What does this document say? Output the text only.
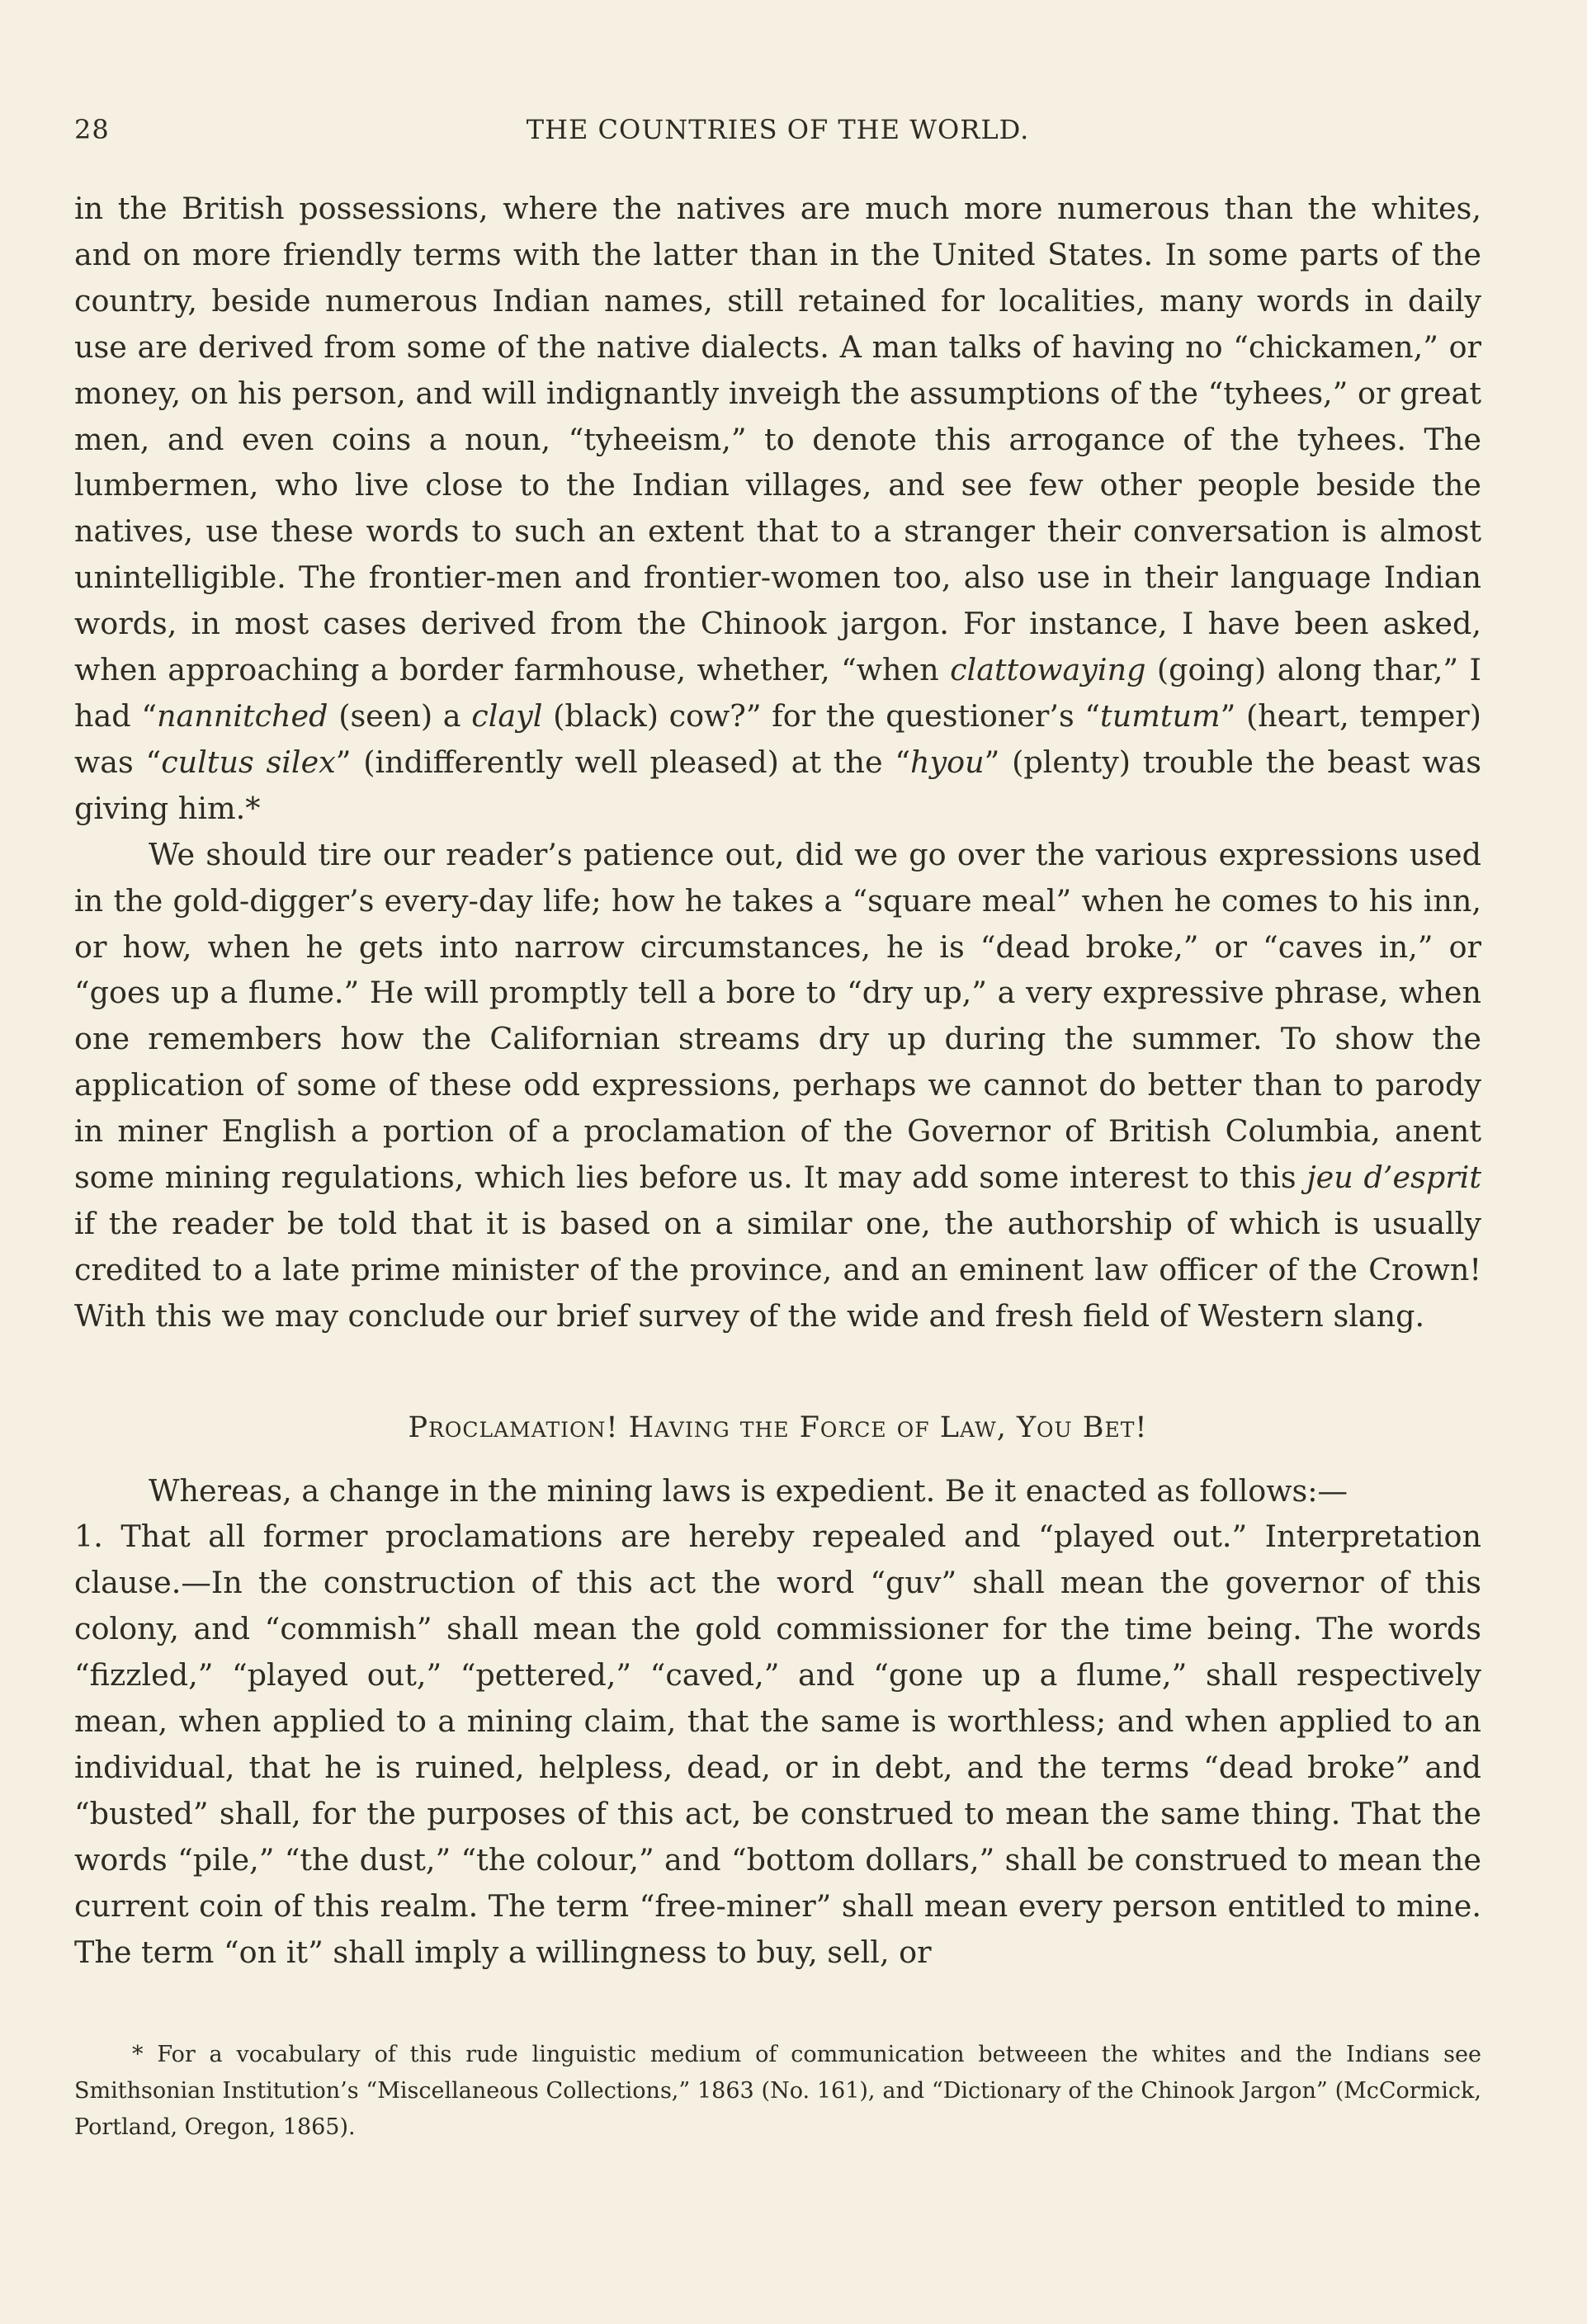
28	THE COUNTRIES OF THE WORLD.

in the British possessions, where the natives are much more numerous than the whites, and on more friendly terms with the latter than in the United States. In some parts of the country, beside numerous Indian names, still retained for localities, many words in daily use are derived from some of the native dialects. A man talks of having no “chickamen,” or money, on his person, and will indignantly inveigh the assumptions of the “tyhees,” or great men, and even coins a noun, “tyheeism,” to denote this arrogance of the tyhees. The lumbermen, who live close to the Indian villages, and see few other people beside the natives, use these words to such an extent that to a stranger their conversation is almost unintelligible. The frontier-men and frontier-women too, also use in their language Indian words, in most cases derived from the Chinook jargon. For instance, I have been asked, when approaching a border farmhouse, whether, “when clattowaying (going) along thar,” I had “nannitched (seen) a clayl (black) cow?” for the questioner’s “tumtum” (heart, temper) was “cultus silex” (indifferently well pleased) at the “hyou” (plenty) trouble the beast was giving him.*

We should tire our reader’s patience out, did we go over the various expressions used in the gold-digger’s every-day life; how he takes a “square meal” when he comes to his inn, or how, when he gets into narrow circumstances, he is “dead broke,” or “caves in,” or “goes up a flume.” He will promptly tell a bore to “dry up,” a very expressive phrase, when one remembers how the Californian streams dry up during the summer. To show the application of some of these odd expressions, perhaps we cannot do better than to parody in miner English a portion of a proclamation of the Governor of British Columbia, anent some mining regulations, which lies before us. It may add some interest to this jeu d’esprit if the reader be told that it is based on a similar one, the authorship of which is usually credited to a late prime minister of the province, and an eminent law officer of the Crown! With this we may conclude our brief survey of the wide and fresh field of Western slang.

Proclamation! Having the Force of Law, You Bet!

Whereas, a change in the mining laws is expedient. Be it enacted as follows:—

1. That all former proclamations are hereby repealed and “played out.” Interpretation clause.—In the construction of this act the word “guv” shall mean the governor of this colony, and “commish” shall mean the gold commissioner for the time being. The words “fizzled,” “played out,” “pettered,” “caved,” and “gone up a flume,” shall respectively mean, when applied to a mining claim, that the same is worthless; and when applied to an individual, that he is ruined, helpless, dead, or in debt, and the terms “dead broke” and “busted” shall, for the purposes of this act, be construed to mean the same thing. That the words “pile,” “the dust,” “the colour,” and “bottom dollars,” shall be construed to mean the current coin of this realm. The term “free-miner” shall mean every person entitled to mine. The term “on it” shall imply a willingness to buy, sell, or

* For a vocabulary of this rude linguistic medium of communication betweeen the whites and the Indians see Smithsonian Institution’s “Miscellaneous Collections,” 1863 (No. 161), and “Dictionary of the Chinook Jargon” (McCormick, Portland, Oregon, 1865).
